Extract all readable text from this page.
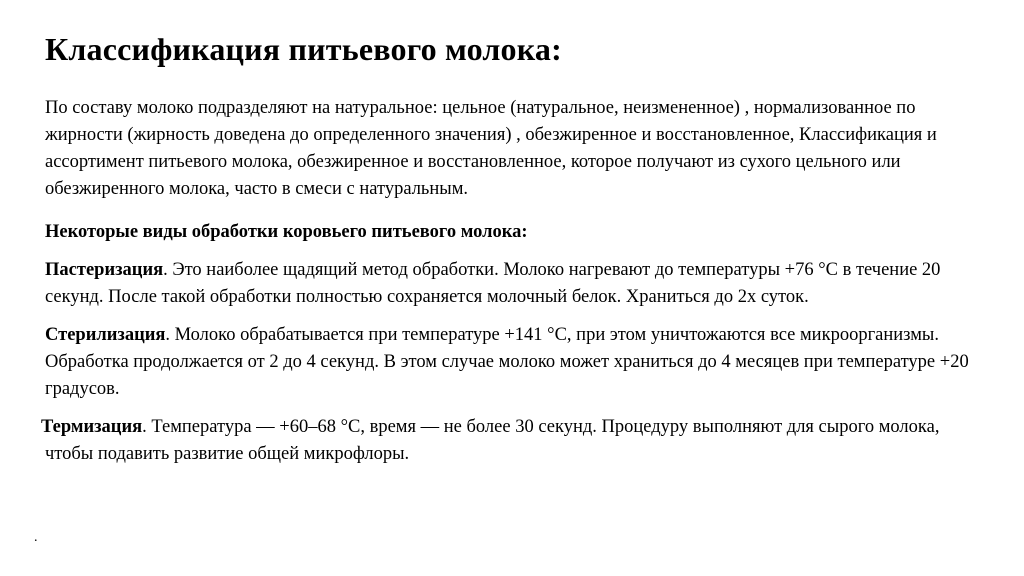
Классификация питьевого молока:

По составу молоко подразделяют на натуральное: цельное (натуральное, неизмененное) , нормализованное по жирности (жирность доведена до определенного значения) , обезжиренное и восстановленное, Классификация и ассортимент питьевого молока, обезжиренное и восстановленное, которое получают из сухого цельного или обезжиренного молока, часто в смеси с натуральным.

Некоторые виды обработки коровьего питьевого молока:

Пастеризация. Это наиболее щадящий метод обработки. Молоко нагревают до температуры +76 °С в течение 20 секунд. После такой обработки полностью сохраняется молочный белок. Храниться до 2х суток.

Стерилизация. Молоко обрабатывается при температуре +141 °С, при этом уничтожаются все микроорганизмы. Обработка продолжается от 2 до 4 секунд. В этом случае молоко может храниться до 4 месяцев при температуре +20 градусов.

Термизация. Температура — +60–68 °С, время — не более 30 секунд. Процедуру выполняют для сырого молока, чтобы подавить развитие общей микрофлоры.

.
